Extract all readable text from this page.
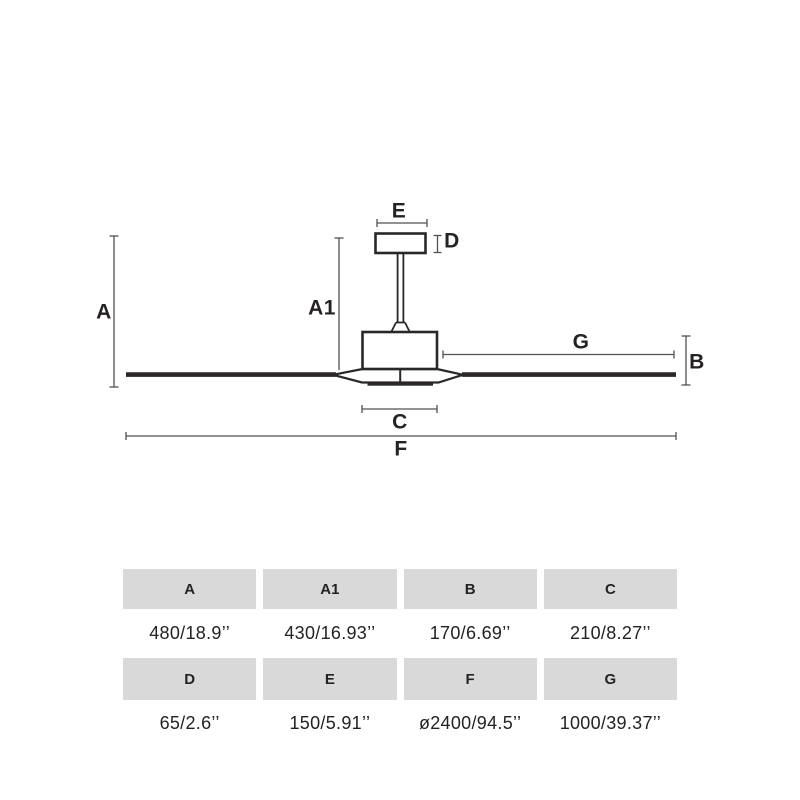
A	A1
B
C
D
E
F
G
A	A1	B	C
480/18.9’’	430/16.93’’	170/6.69’’	210/8.27’’
D	E	F	G
65/2.6’’	150/5.91’’	ø2400/94.5’’	1000/39.37’’
